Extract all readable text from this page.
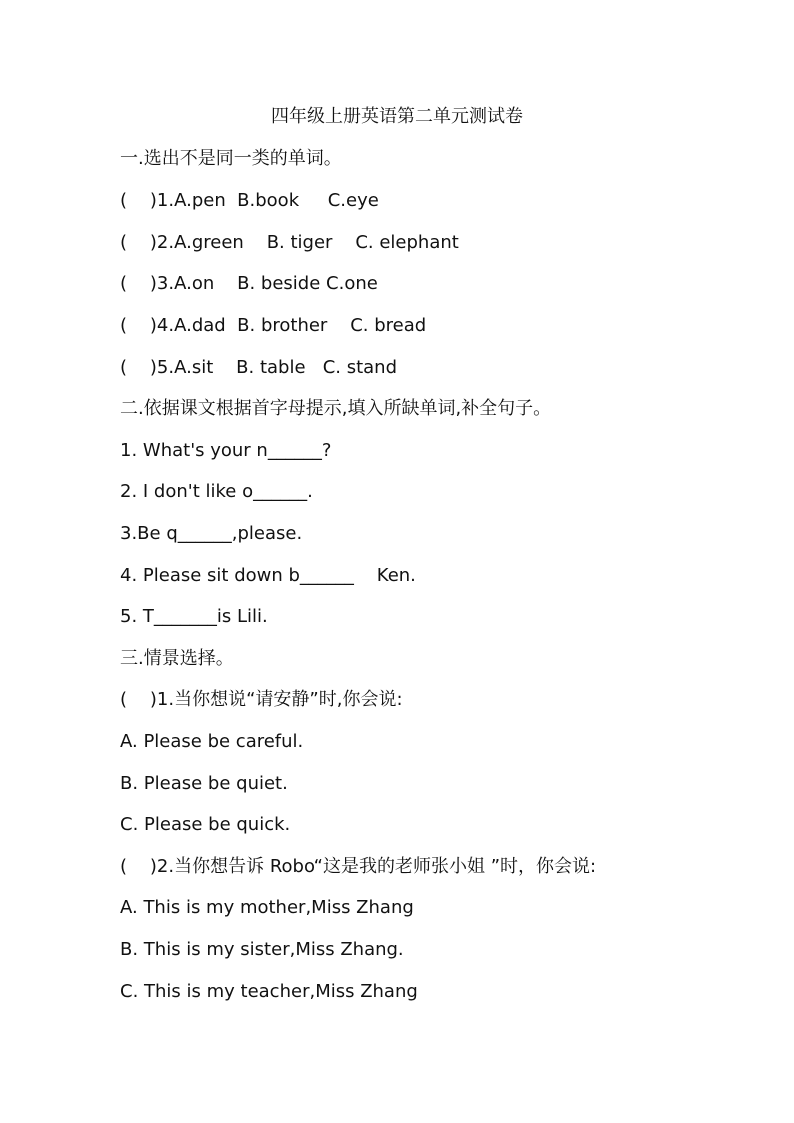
四年级上册英语第二单元测试卷
一.选出不是同一类的单词。
(    )1.A.pen  B.book     C.eye
(    )2.A.green    B. tiger    C. elephant
(    )3.A.on    B. beside C.one
(    )4.A.dad  B. brother    C. bread
(    )5.A.sit    B. table   C. stand
二.依据课文根据首字母提示,填入所缺单词,补全句子。
1. What's your n______?
2. I don't like o______.
3.Be q______,please.
4. Please sit down b______    Ken.
5. T_______is Lili.
三.情景选择。
(    )1.当你想说“请安静”时,你会说:
A. Please be careful.
B. Please be quiet.
C. Please be quick.
(    )2.当你想告诉 Robo“这是我的老师张小姐 ”时，你会说:
A. This is my mother,Miss Zhang
B. This is my sister,Miss Zhang.
C. This is my teacher,Miss Zhang
